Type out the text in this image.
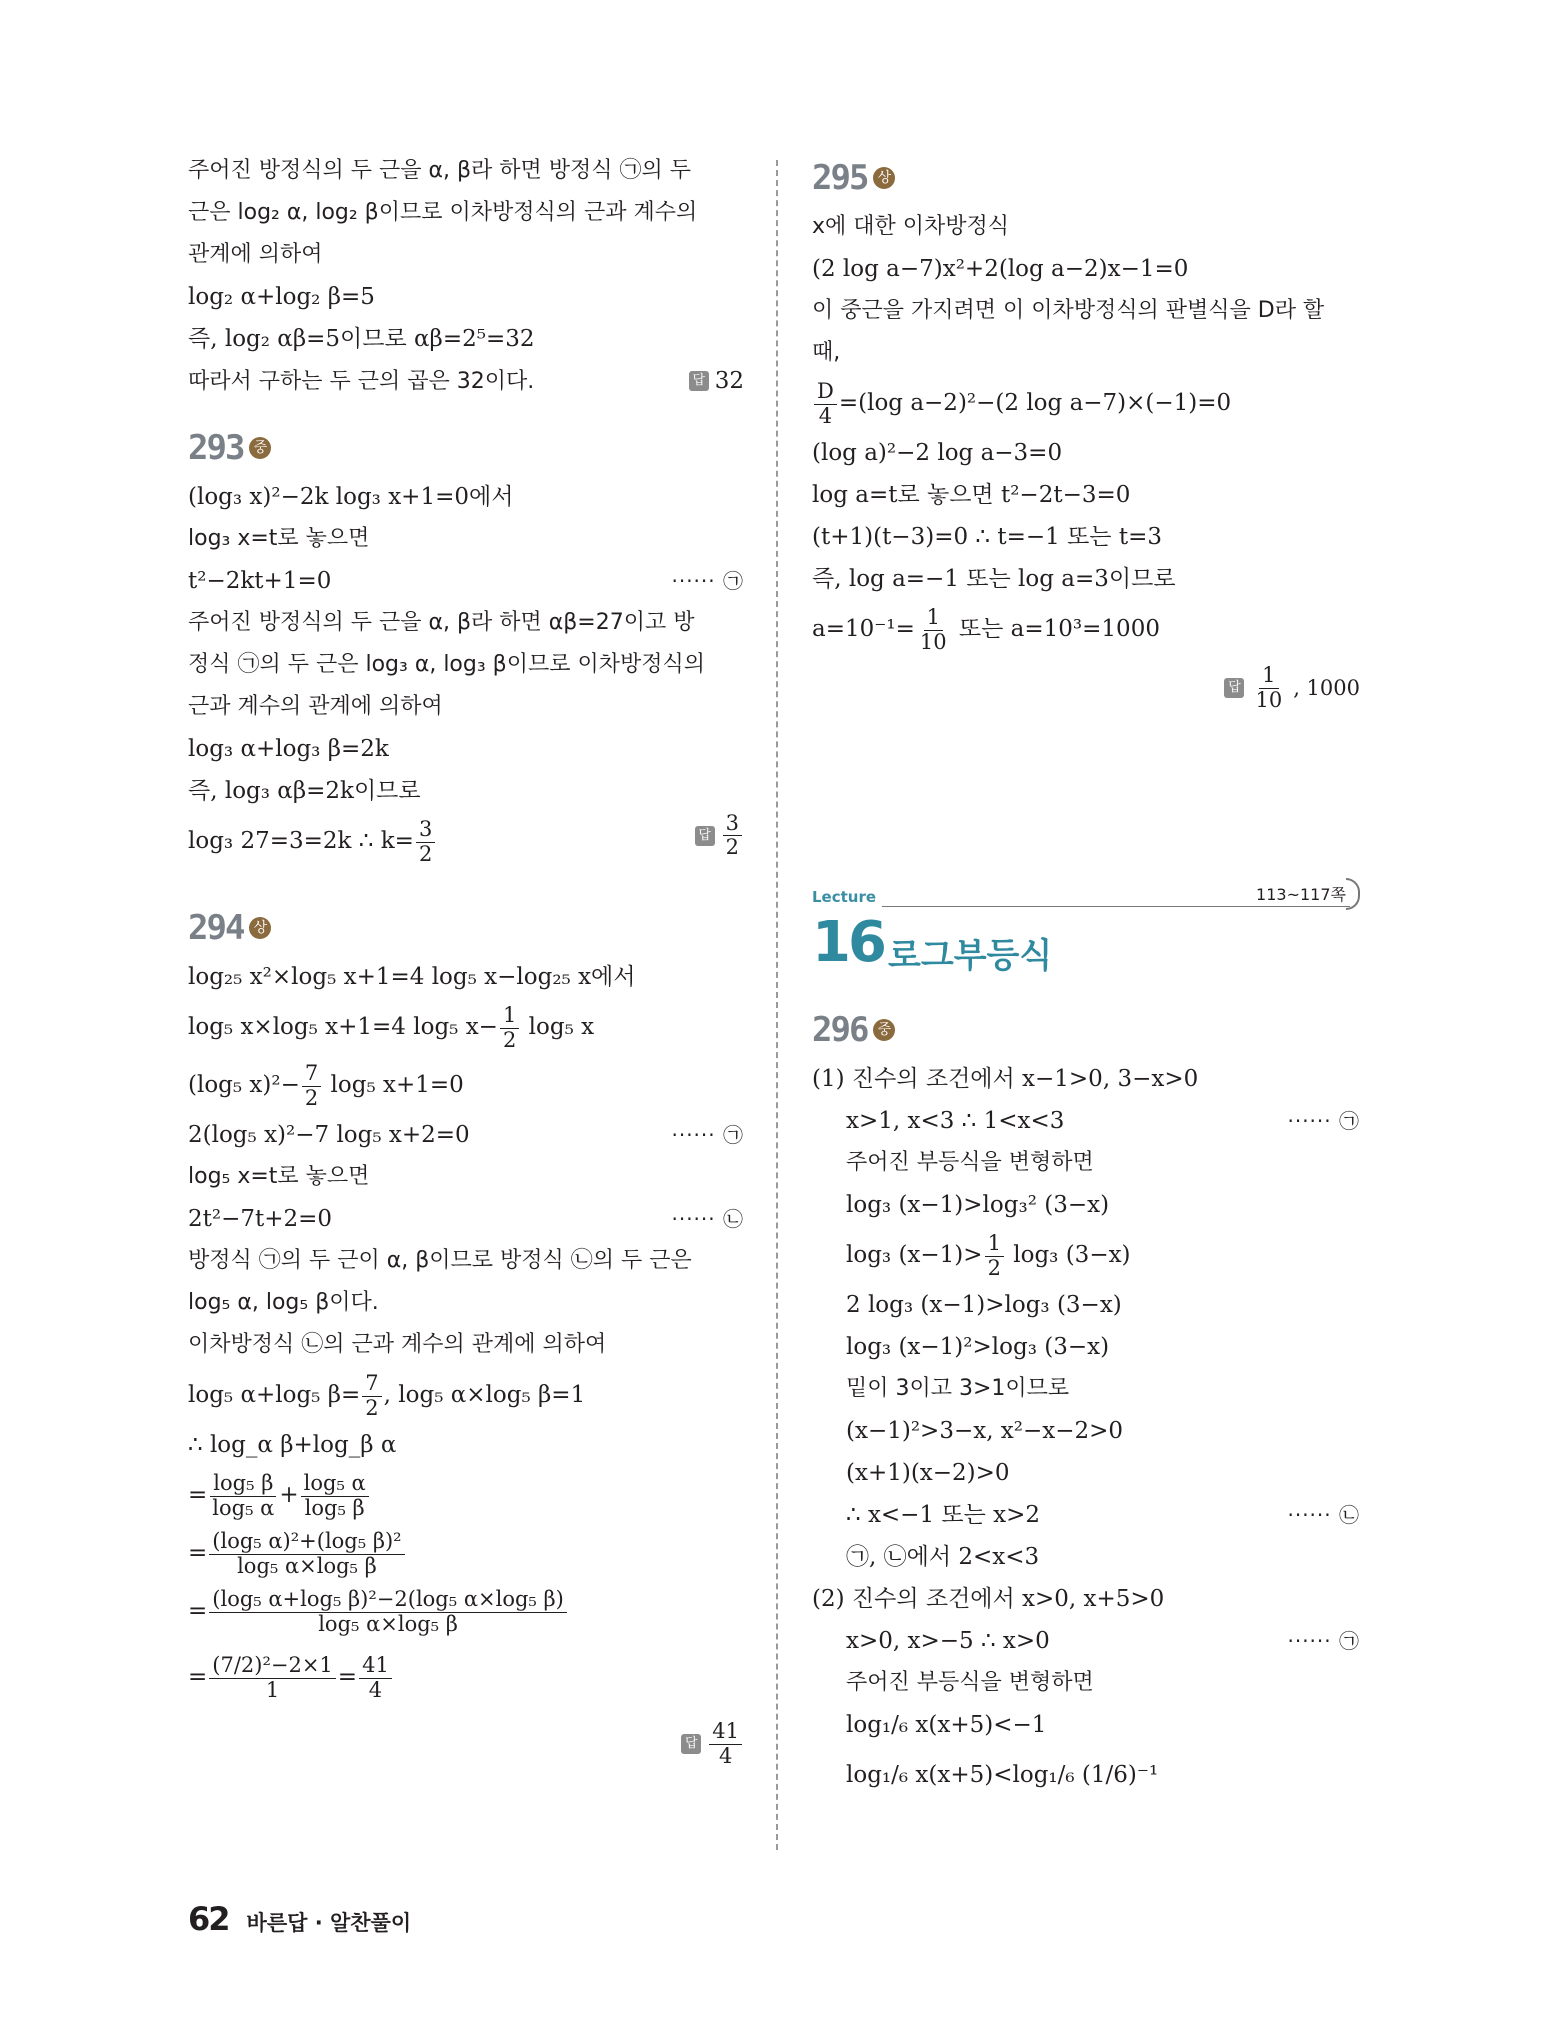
주어진 방정식의 두 근을 α, β라 하면 방정식 ㉠의 두
근은 log₂ α, log₂ β이므로 이차방정식의 근과 계수의
관계에 의하여
log₂ α+log₂ β=5
즉, log₂ αβ=5이므로 αβ=2⁵=32
따라서 구하는 두 근의 곱은 32이다.	답 32
293 중
(log₃ x)²−2k log₃ x+1=0에서
log₃ x=t로 놓으면
t²−2kt+1=0	······ ㉠
주어진 방정식의 두 근을 α, β라 하면 αβ=27이고 방
정식 ㉠의 두 근은 log₃ α, log₃ β이므로 이차방정식의
근과 계수의 관계에 의하여
log₃ α+log₃ β=2k
즉, log₃ αβ=2k이므로
log₃ 27=3=2k ∴ $k= \frac{3}{2}$	답 $\frac{3}{2}$
294 상
log₂₅ x²×log₅ x+1=4 log₅ x−log₂₅ x에서
log₅ x×log₅ x+1=4 log₅ $x- \frac{1}{2} \log_5$ x
(log₅ $x)^2- \frac{7}{2} \log_5$ x+1=0
2(log₅ x)²−7 log₅ x+2=0	······ ㉠
log₅ x=t로 놓으면
2t²−7t+2=0	······ ㉡
방정식 ㉠의 두 근이 α, β이므로 방정식 ㉡의 두 근은
log₅ α, log₅ β이다.
이차방정식 ㉡의 근과 계수의 관계에 의하여
log₅ α+log₅ $\beta= \frac{7}{2}$ , log₅ α×log₅ β=1
∴ log_α β+log_β α
= $\frac{\text{log₅ β}}{\text{log₅ α}} + \frac{\text{log₅ α}}{\text{log₅ β}}$
= $\frac{\text{(log₅ α)²+(log₅ β)²}}{\text{log₅ α×log₅ β}}$
= $\frac{\text{(log₅ α+log₅ β)²−2(log₅ α×log₅ β)}}{\text{log₅ α×log₅ β}}$
= $\frac{\text{(7/2)²−2×1}}{1} = \frac{41}{4}$
답 $\frac{41}{4}$
295 상
x에 대한 이차방정식
(2 log a−7)x²+2(log a−2)x−1=0
이 중근을 가지려면 이 이차방정식의 판별식을 D라 할
때,
$\frac{D}{4} =(\log$ a−2)²−(2 log a−7)×(−1)=0
(log a)²−2 log a−3=0
log a=t로 놓으면 t²−2t−3=0
(t+1)(t−3)=0 ∴ t=−1 또는 t=3
즉, log a=−1 또는 log a=3이므로
$a=10^{-1}= \frac{1}{10}$ 또는 a=10³=1000
답 $\frac{1}{10}$ , 1000
Lecture	113~117쪽
16 로그부등식
296 중
(1) 진수의 조건에서 x−1>0, 3−x>0
x>1, x<3 ∴ 1<x<3	······ ㉠
주어진 부등식을 변형하면
log₃ (x−1)>log₃² (3−x)
log₃ $(x-1)> \frac{1}{2} \log_3$ (3−x)
2 log₃ (x−1)>log₃ (3−x)
log₃ (x−1)²>log₃ (3−x)
밑이 3이고 3>1이므로
(x−1)²>3−x, x²−x−2>0
(x+1)(x−2)>0
∴ x<−1 또는 x>2	······ ㉡
㉠, ㉡에서 2<x<3
(2) 진수의 조건에서 x>0, x+5>0
x>0, x>−5 ∴ x>0	······ ㉠
주어진 부등식을 변형하면
log₁/₆ x(x+5)<−1
log₁/₆ x(x+5)<log₁/₆ (1/6)⁻¹
62 바른답 · 알찬풀이
